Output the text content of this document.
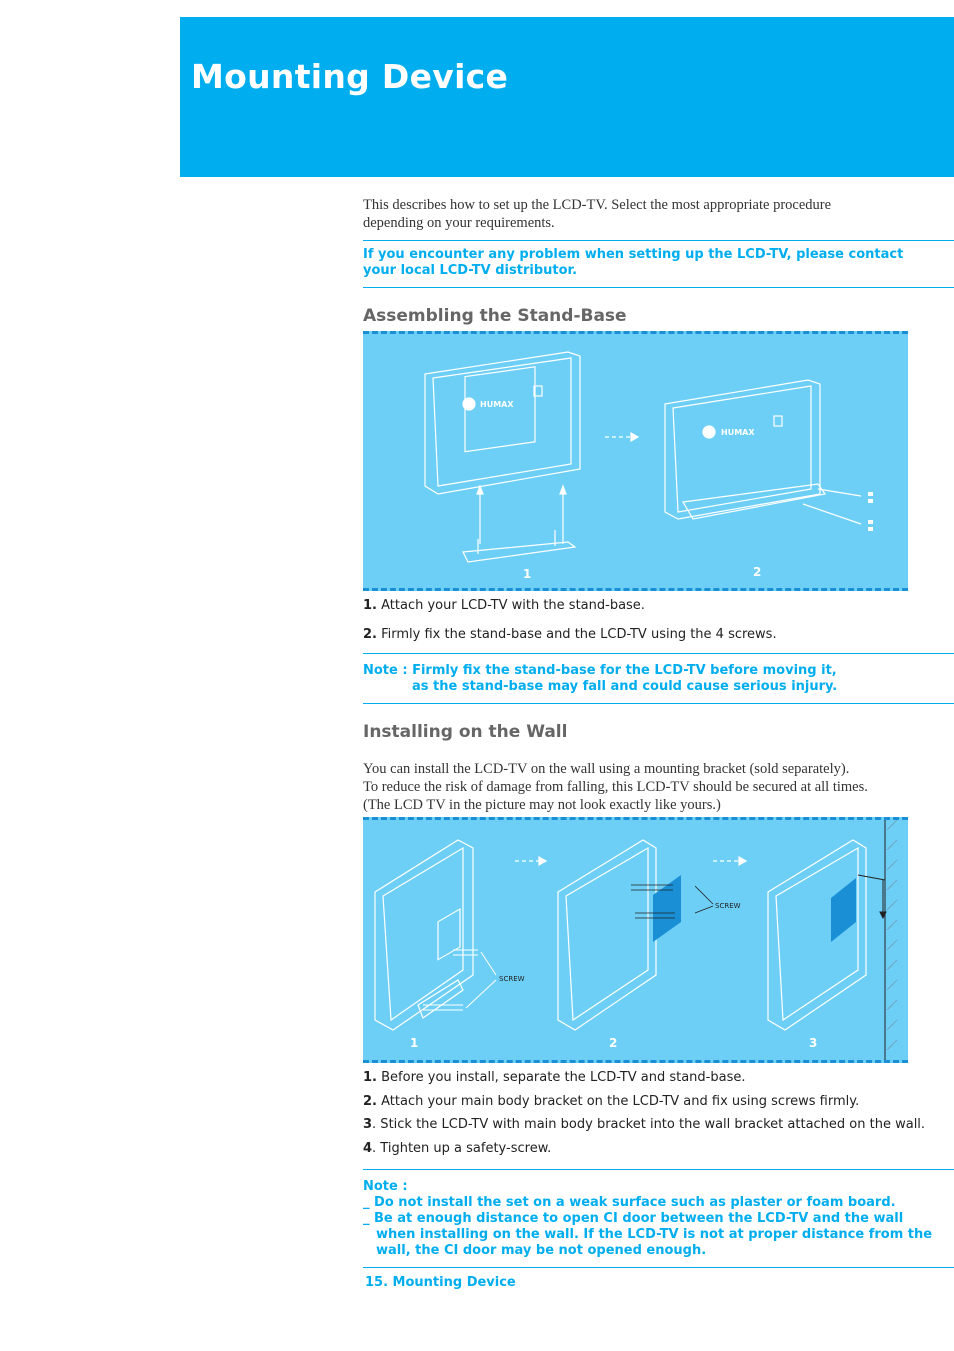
Mounting Device
This describes how to set up the LCD-TV. Select the most appropriate procedure
depending on your requirements.
If you encounter any problem when setting up the LCD-TV, please contact
your local LCD-TV distributor.
Assembling the Stand-Base
HUMAX
HUMAX
1	2
1. Attach your LCD-TV with the stand-base.
2. Firmly fix the stand-base and the LCD-TV using the 4 screws.
Note : Firmly fix the stand-base for the LCD-TV before moving it,
as the stand-base may fall and could cause serious injury.
Installing on the Wall
You can install the LCD-TV on the wall using a mounting bracket (sold separately).
To reduce the risk of damage from falling, this LCD-TV should be secured at all times.
(The LCD TV in the picture may not look exactly like yours.)
SCREW
SCREW
1	2	3
1. Before you install, separate the LCD-TV and stand-base.
2. Attach your main body bracket on the LCD-TV and fix using screws firmly.
3. Stick the LCD-TV with main body bracket into the wall bracket attached on the wall.
4. Tighten up a safety-screw.
Note :
_ Do not install the set on a weak surface such as plaster or foam board.
_ Be at enough distance to open CI door between the LCD-TV and the wall
when installing on the wall. If the LCD-TV is not at proper distance from the
wall, the CI door may be not opened enough.
15. Mounting Device
